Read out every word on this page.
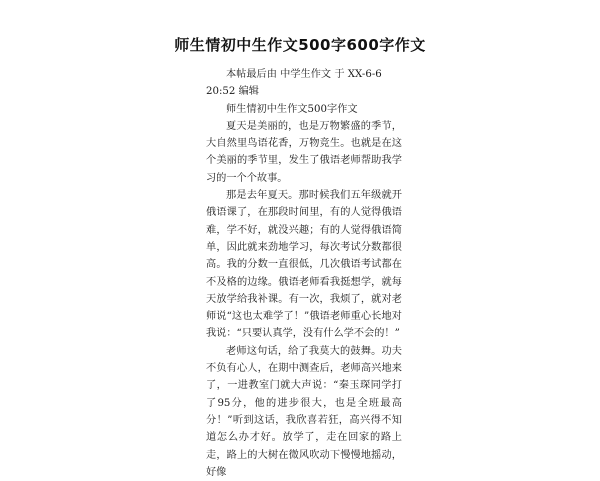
师生情初中生作文500字600字作文

本帖最后由 中学生作文 于 XX-6-6 20:52 编辑

师生情初中生作文500字作文

夏天是美丽的，也是万物繁盛的季节，大自然里鸟语花香，万物竞生。也就是在这个美丽的季节里，发生了俄语老师帮助我学习的一个个故事。

那是去年夏天。那时候我们五年级就开俄语课了，在那段时间里，有的人觉得俄语难，学不好，就没兴趣；有的人觉得俄语简单，因此就来劲地学习，每次考试分数都很高。我的分数一直很低，几次俄语考试都在不及格的边缘。俄语老师看我挺想学，就每天放学给我补课。有一次，我烦了，就对老师说“这也太难学了！”俄语老师重心长地对我说：“只要认真学，没有什么学不会的！”

老师这句话，给了我莫大的鼓舞。功夫不负有心人，在期中测查后，老师高兴地来了，一进教室门就大声说：“秦玉琛同学打了95分，他的进步很大，也是全班最高分！”听到这话，我欣喜若狂，高兴得不知道怎么办才好。放学了，走在回家的路上走，路上的大树在微风吹动下慢慢地摇动，好像
